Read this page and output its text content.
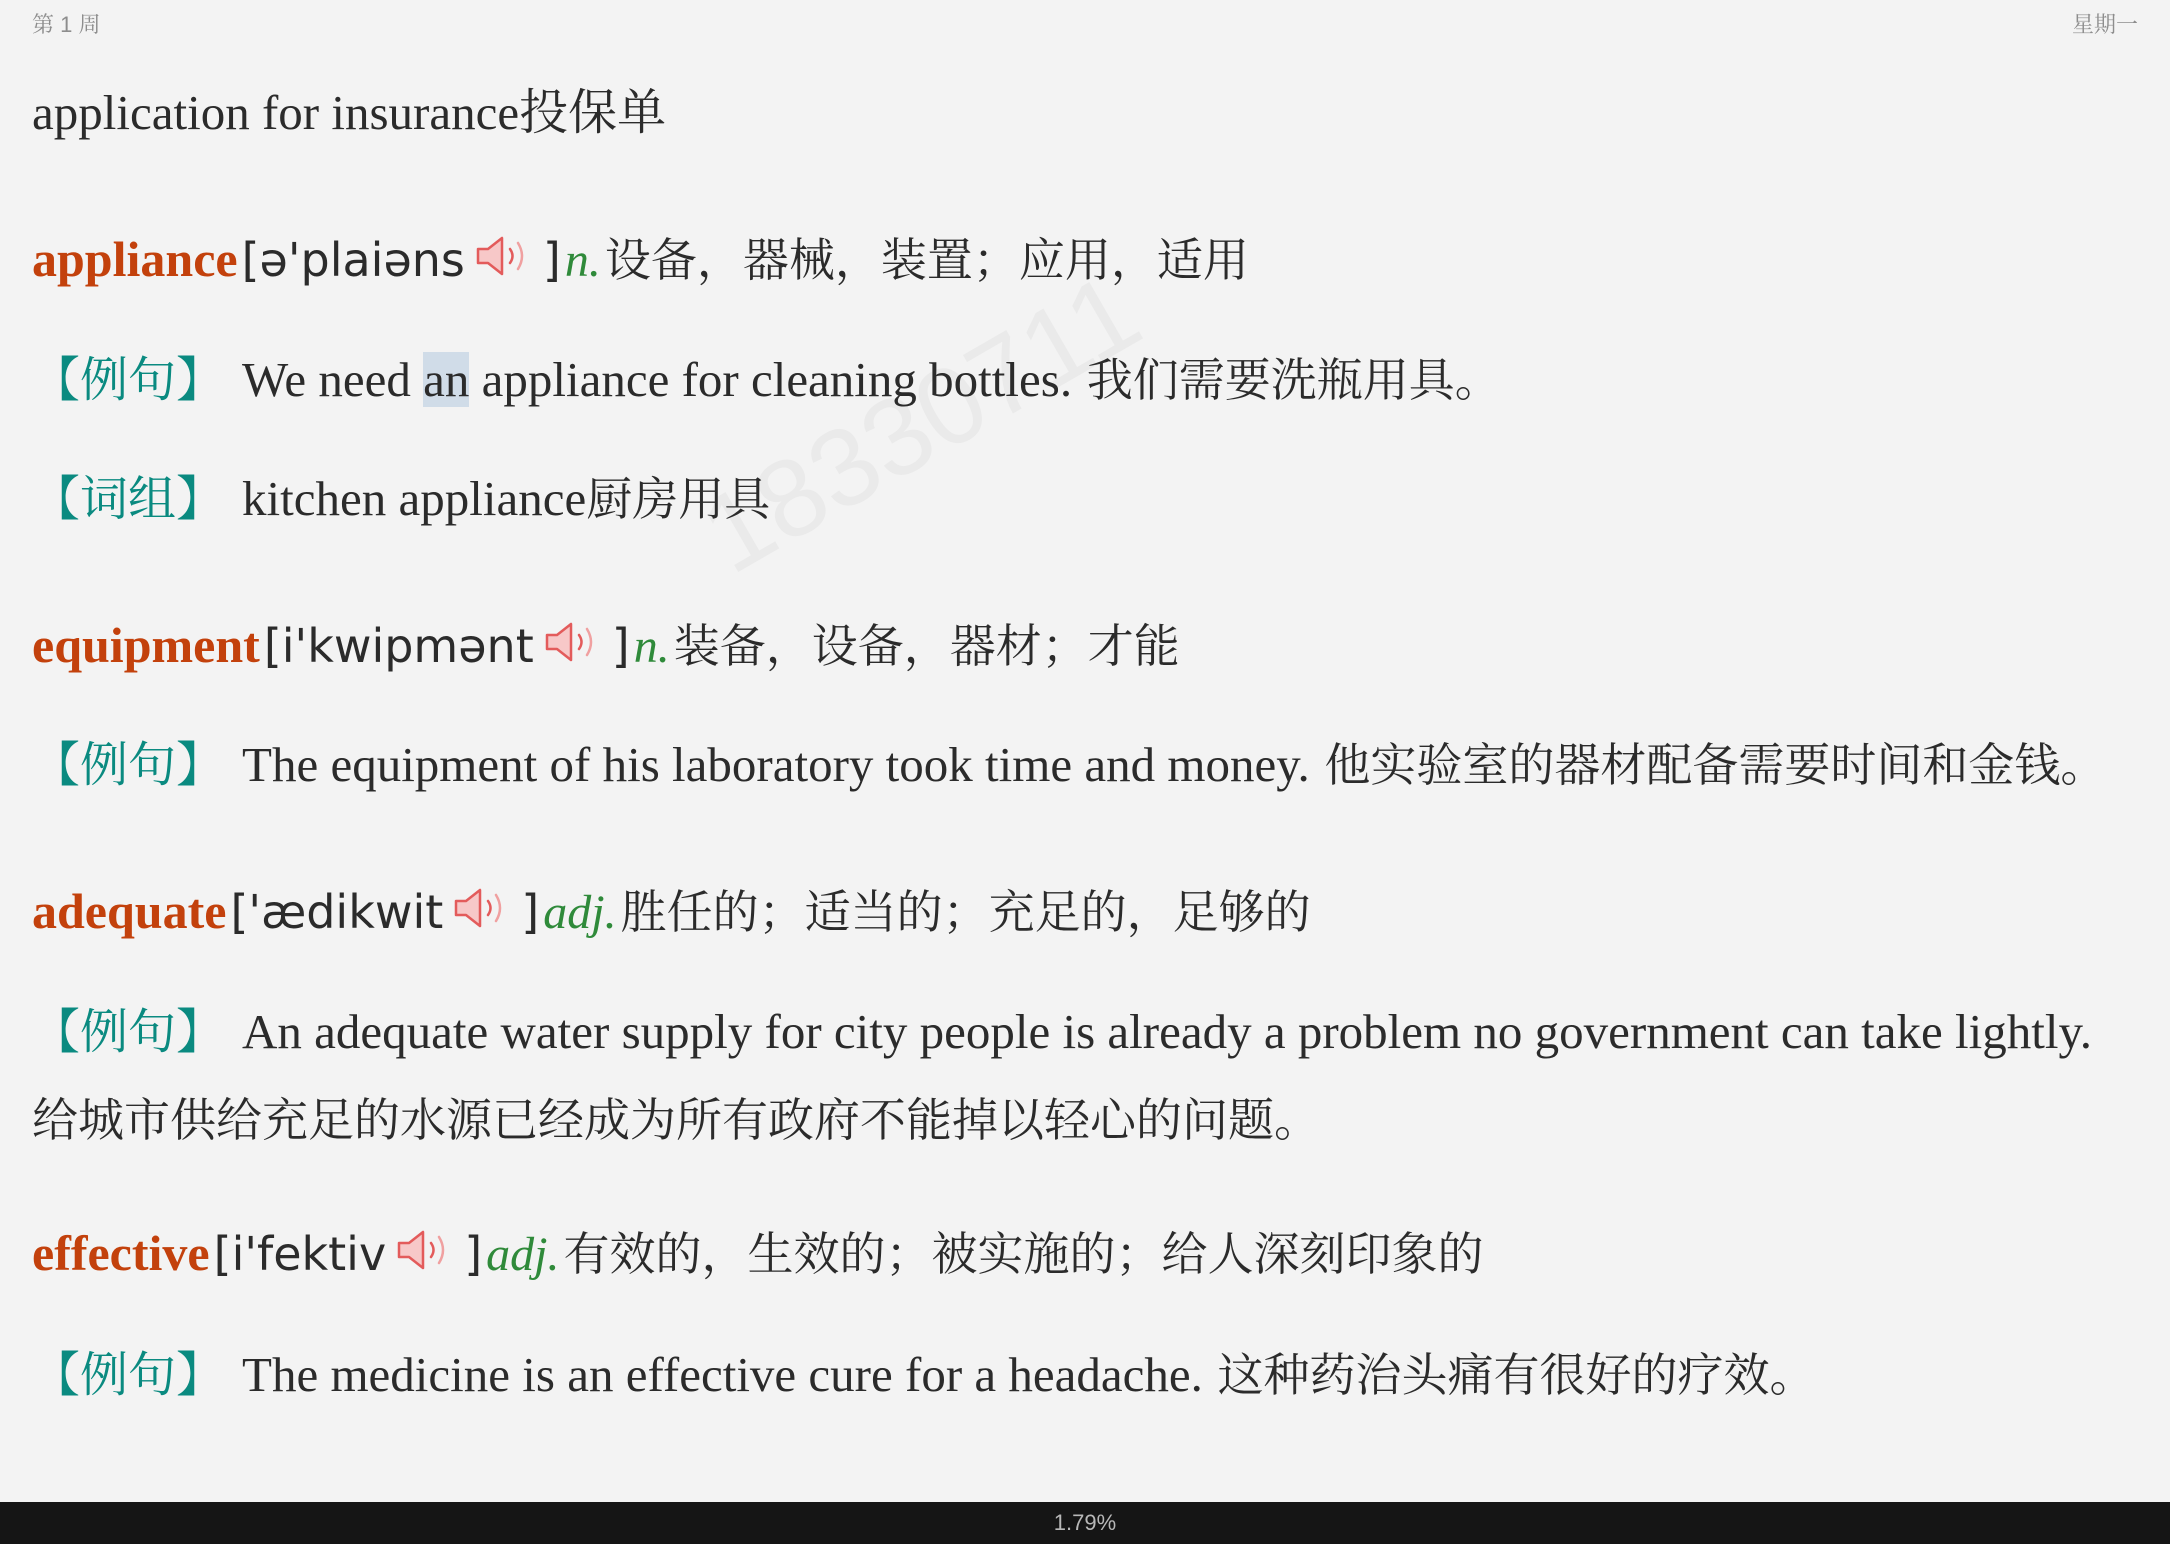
第 1 周	星期一
application for insurance投保单
appliance [ə'plaiəns ] n. 设备，器械，装置；应用，适用
【例句】 We need an appliance for cleaning bottles. 我们需要洗瓶用具。
【词组】 kitchen appliance厨房用具
equipment [i'kwipmənt ] n. 装备，设备，器材；才能
【例句】 The equipment of his laboratory took time and money. 他实验室的器材配备需要时间和金钱。
adequate ['ædikwit ] adj. 胜任的；适当的；充足的，足够的
【例句】 An adequate water supply for city people is already a problem no government can take lightly. 给城市供给充足的水源已经成为所有政府不能掉以轻心的问题。
effective [i'fektiv ] adj. 有效的，生效的；被实施的；给人深刻印象的
【例句】 The medicine is an effective cure for a headache. 这种药治头痛有很好的疗效。
1.79%
